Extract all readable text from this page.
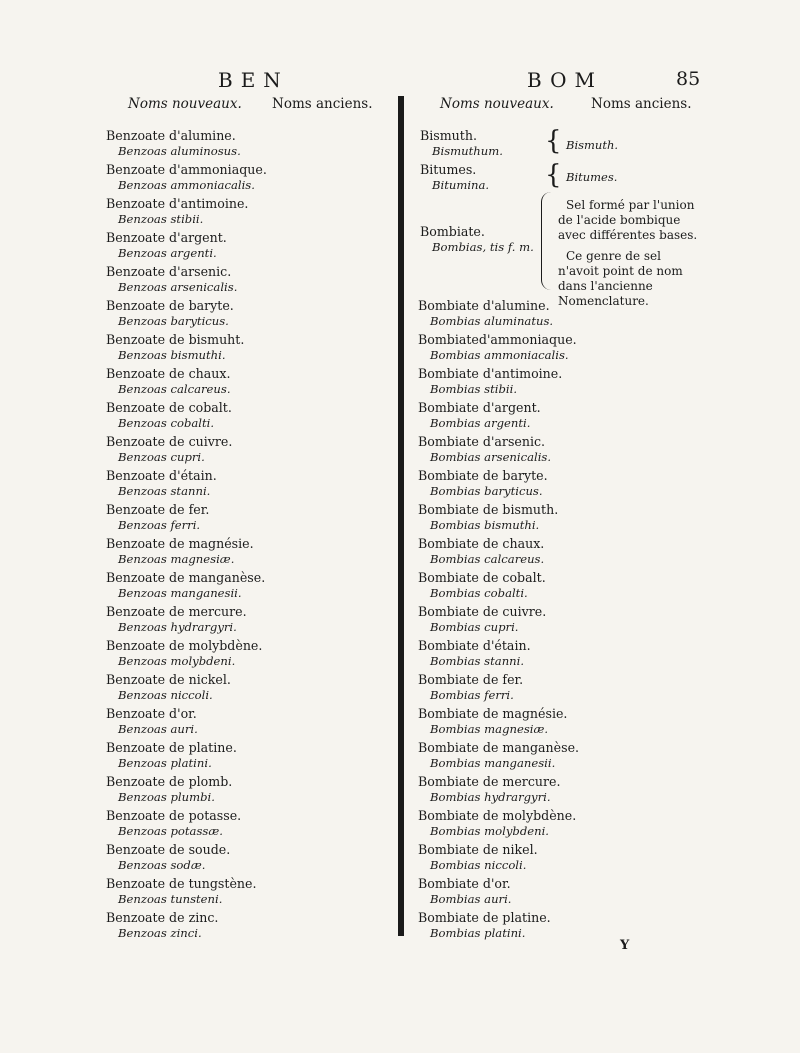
BEN	BOM	85
Noms nouveaux. Noms anciens.	Noms nouveaux.	Noms anciens.
Benzoate d'alumine.
Benzoas aluminosus.
Benzoate d'ammoniaque.
Benzoas ammoniacalis.
Benzoate d'antimoine.
Benzoas stibii.
Benzoate d'argent.
Benzoas argenti.
Benzoate d'arsenic.
Benzoas arsenicalis.
Benzoate de baryte.
Benzoas baryticus.
Benzoate de bismuht.
Benzoas bismuthi.
Benzoate de chaux.
Benzoas calcareus.
Benzoate de cobalt.
Benzoas cobalti.
Benzoate de cuivre.
Benzoas cupri.
Benzoate d'étain.
Benzoas stanni.
Benzoate de fer.
Benzoas ferri.
Benzoate de magnésie.
Benzoas magnesiæ.
Benzoate de manganèse.
Benzoas manganesii.
Benzoate de mercure.
Benzoas hydrargyri.
Benzoate de molybdène.
Benzoas molybdeni.
Benzoate de nickel.
Benzoas niccoli.
Benzoate d'or.
Benzoas auri.
Benzoate de platine.
Benzoas platini.
Benzoate de plomb.
Benzoas plumbi.
Benzoate de potasse.
Benzoas potassæ.
Benzoate de soude.
Benzoas sodæ.
Benzoate de tungstène.
Benzoas tunsteni.
Benzoate de zinc.
Benzoas zinci.
Bismuth.
Bismuthum.
Bitumes.
Bitumina.
Bombiate.
Bombias, tis f. m.
{ Bismuth.
{ Bitumes.

Sel formé par l'union de l'acide bombique avec différentes bases.

Ce genre de sel n'avoit point de nom dans l'ancienne Nomenclature.

Bombiate d'alumine.
Bombias aluminatus.
Bombiated'ammoniaque.
Bombias ammoniacalis.
Bombiate d'antimoine.
Bombias stibii.
Bombiate d'argent.
Bombias argenti.
Bombiate d'arsenic.
Bombias arsenicalis.
Bombiate de baryte.
Bombias baryticus.
Bombiate de bismuth.
Bombias bismuthi.
Bombiate de chaux.
Bombias calcareus.
Bombiate de cobalt.
Bombias cobalti.
Bombiate de cuivre.
Bombias cupri.
Bombiate d'étain.
Bombias stanni.
Bombiate de fer.
Bombias ferri.
Bombiate de magnésie.
Bombias magnesiæ.
Bombiate de manganèse.
Bombias manganesii.
Bombiate de mercure.
Bombias hydrargyri.
Bombiate de molybdène.
Bombias molybdeni.
Bombiate de nikel.
Bombias niccoli.
Bombiate d'or.
Bombias auri.
Bombiate de platine.
Bombias platini.
Y
